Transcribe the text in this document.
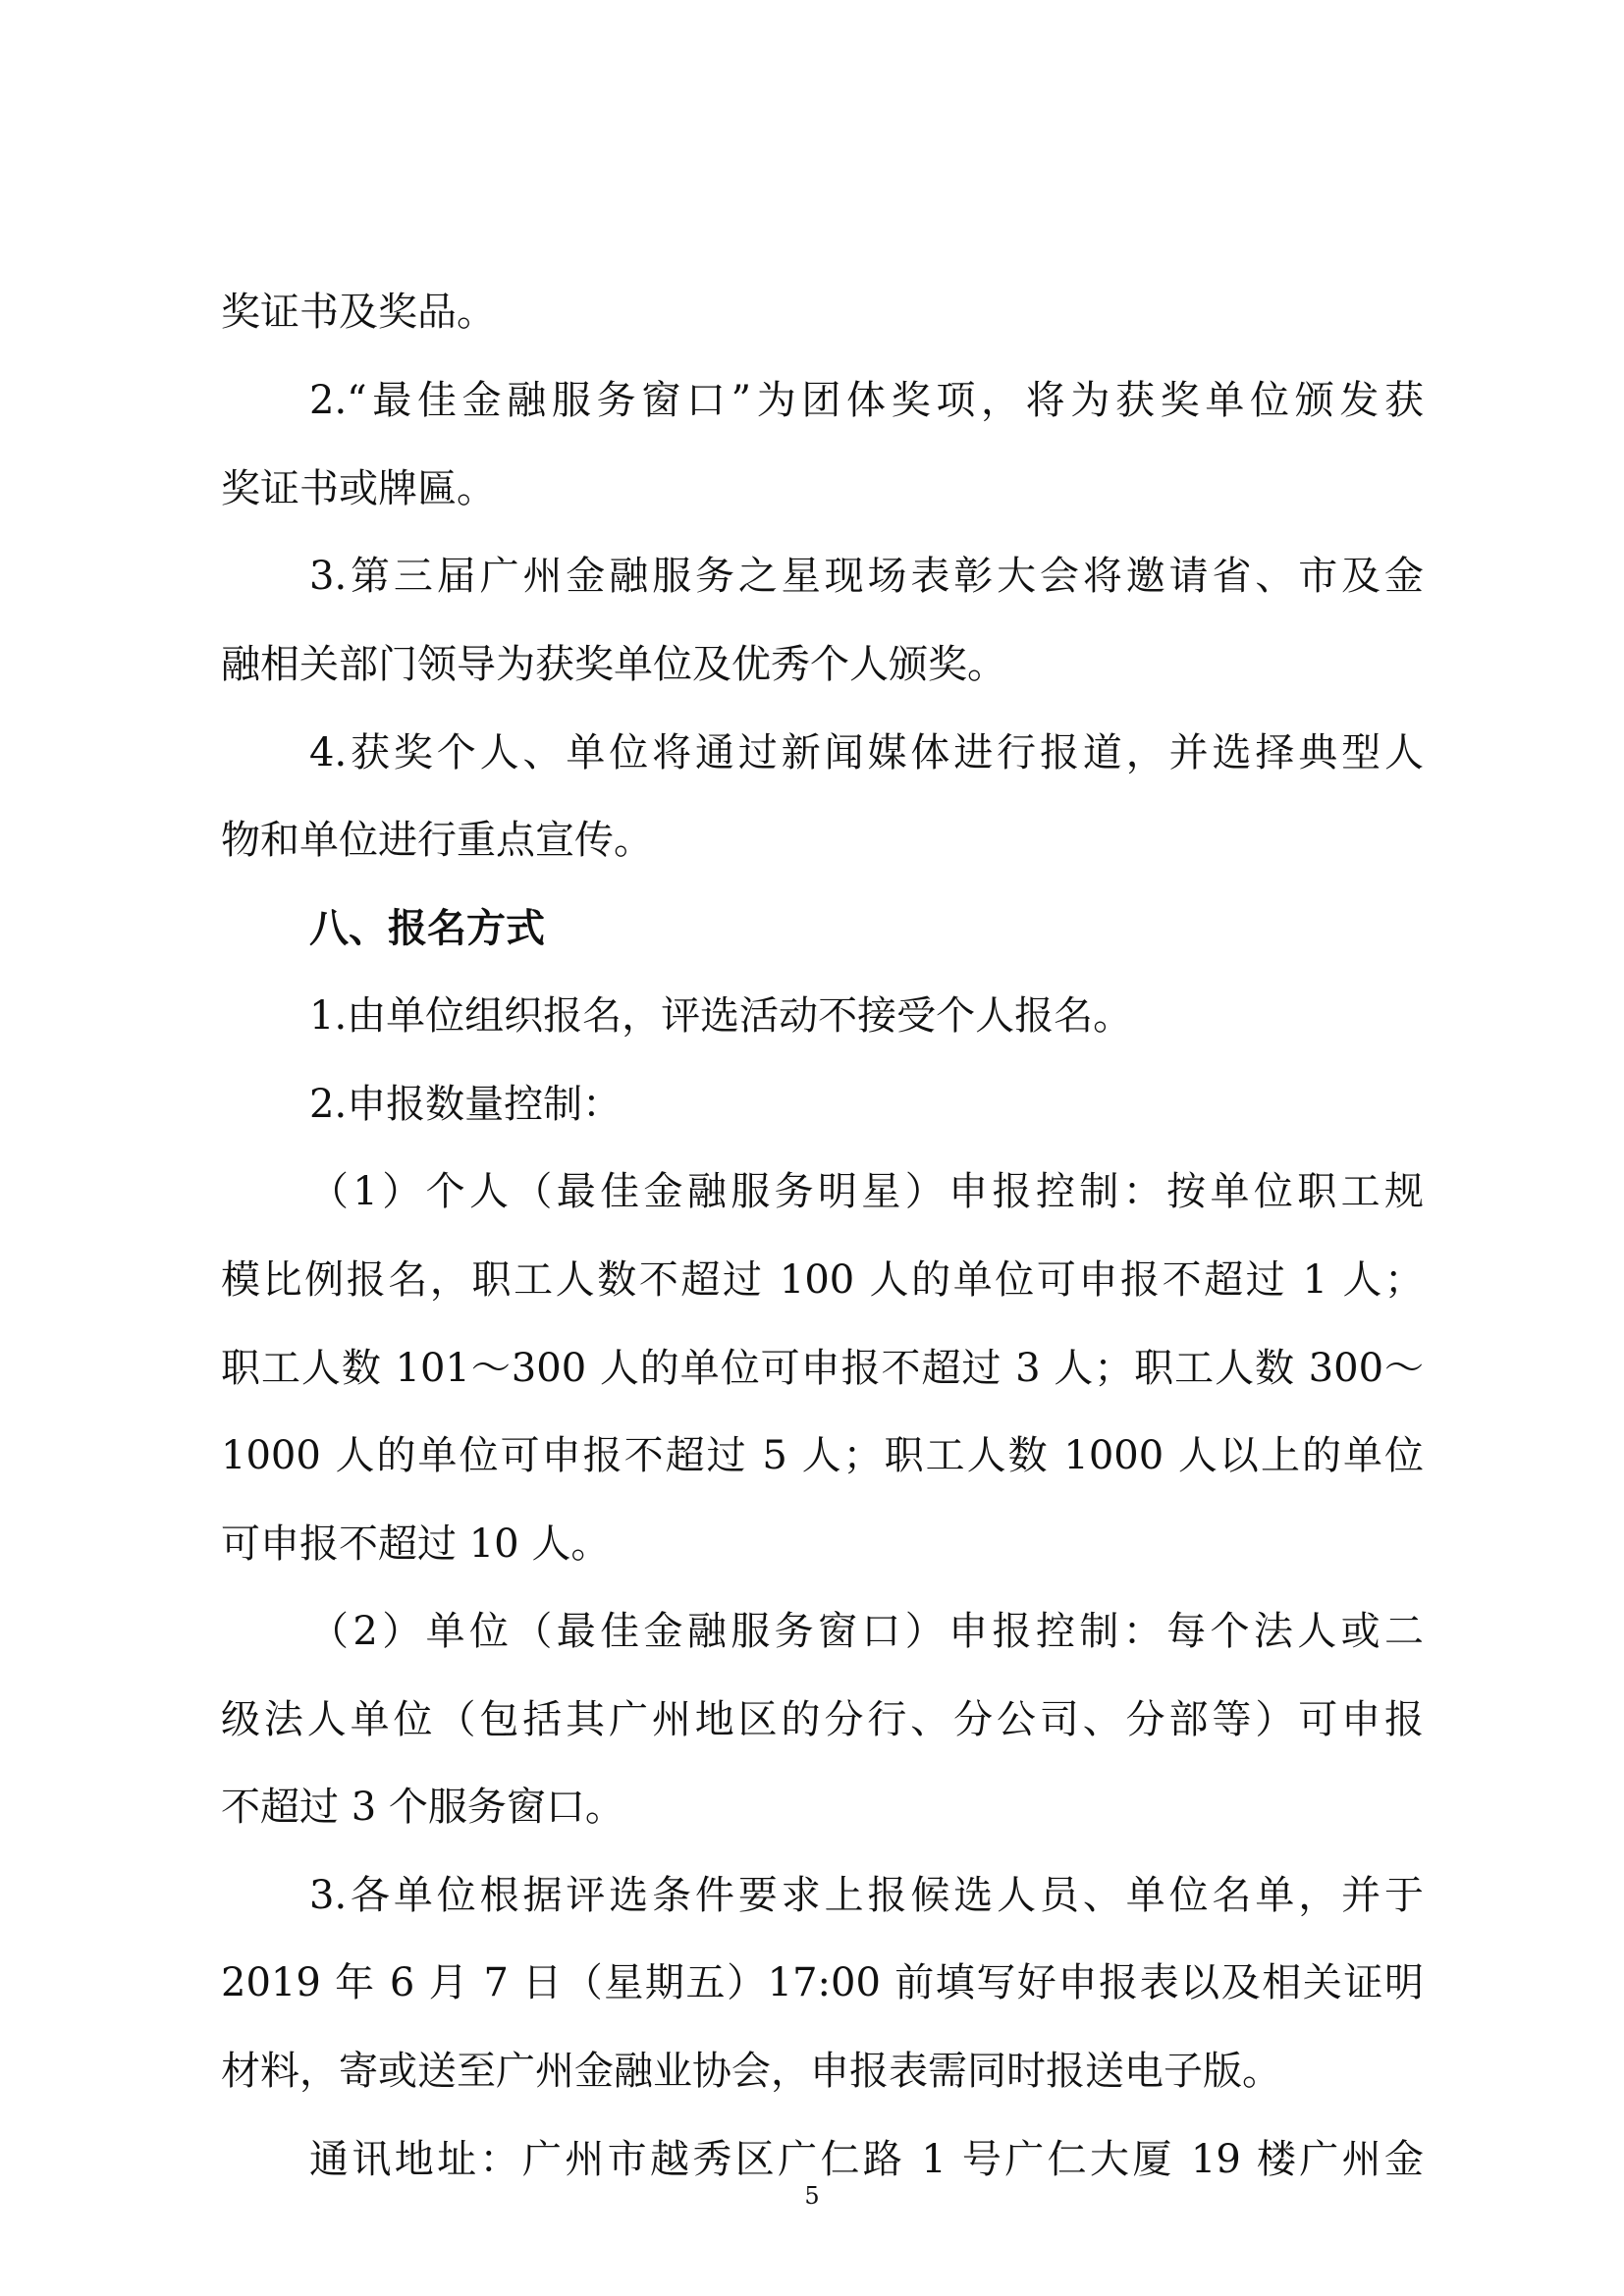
奖证书及奖品。
2.“最佳金融服务窗口”为团体奖项，将为获奖单位颁发获
奖证书或牌匾。
3.第三届广州金融服务之星现场表彰大会将邀请省、市及金
融相关部门领导为获奖单位及优秀个人颁奖。
4.获奖个人、单位将通过新闻媒体进行报道，并选择典型人
物和单位进行重点宣传。
八、报名方式
1.由单位组织报名，评选活动不接受个人报名。
2.申报数量控制：
（1）个人（最佳金融服务明星）申报控制：按单位职工规
模比例报名，职工人数不超过 100 人的单位可申报不超过 1 人；
职工人数 101～300 人的单位可申报不超过 3 人；职工人数 300～
1000 人的单位可申报不超过 5 人；职工人数 1000 人以上的单位
可申报不超过 10 人。
（2）单位（最佳金融服务窗口）申报控制：每个法人或二
级法人单位（包括其广州地区的分行、分公司、分部等）可申报
不超过 3 个服务窗口。
3.各单位根据评选条件要求上报候选人员、单位名单，并于
2019 年 6 月 7 日（星期五）17:00 前填写好申报表以及相关证明
材料，寄或送至广州金融业协会，申报表需同时报送电子版。
通讯地址：广州市越秀区广仁路 1 号广仁大厦 19 楼广州金
5
